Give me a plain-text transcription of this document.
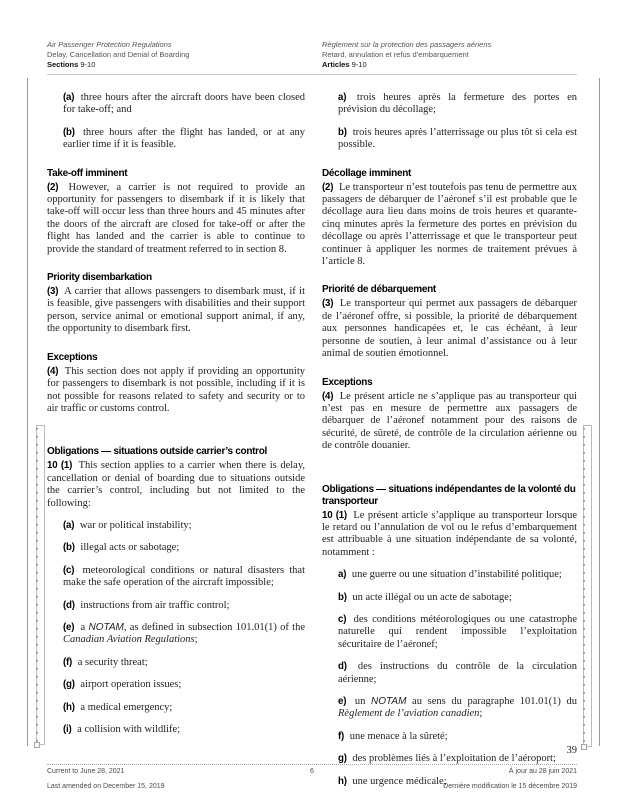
Air Passenger Protection Regulations
Delay, Cancellation and Denial of Boarding
Sections 9-10
Règlement sur la protection des passagers aériens
Retard, annulation et refus d’embarquement
Articles 9-10
(a) three hours after the aircraft doors have been closed for take-off; and
(b) three hours after the flight has landed, or at any earlier time if it is feasible.
Take-off imminent
(2) However, a carrier is not required to provide an opportunity for passengers to disembark if it is likely that take-off will occur less than three hours and 45 minutes after the doors of the aircraft are closed for take-off or after the flight has landed and the carrier is able to continue to provide the standard of treatment referred to in section 8.
Priority disembarkation
(3) A carrier that allows passengers to disembark must, if it is feasible, give passengers with disabilities and their support person, service animal or emotional support animal, if any, the opportunity to disembark first.
Exceptions
(4) This section does not apply if providing an opportunity for passengers to disembark is not possible, including if it is not possible for reasons related to safety and security or to air traffic or customs control.
Obligations — situations outside carrier’s control
10 (1) This section applies to a carrier when there is delay, cancellation or denial of boarding due to situations outside the carrier’s control, including but not limited to the following:
(a) war or political instability;
(b) illegal acts or sabotage;
(c) meteorological conditions or natural disasters that make the safe operation of the aircraft impossible;
(d) instructions from air traffic control;
(e) a NOTAM, as defined in subsection 101.01(1) of the Canadian Aviation Regulations;
(f) a security threat;
(g) airport operation issues;
(h) a medical emergency;
(i) a collision with wildlife;
a) trois heures après la fermeture des portes en prévision du décollage;
b) trois heures après l’atterrissage ou plus tôt si cela est possible.
Décollage imminent
(2) Le transporteur n’est toutefois pas tenu de permettre aux passagers de débarquer de l’aéronef s’il est probable que le décollage aura lieu dans moins de trois heures et quarante-cinq minutes après la fermeture des portes en prévision du décollage ou après l’atterrissage et que le transporteur peut continuer à appliquer les normes de traitement prévues à l’article 8.
Priorité de débarquement
(3) Le transporteur qui permet aux passagers de débarquer de l’aéronef offre, si possible, la priorité de débarquement aux personnes handicapées et, le cas échéant, à leur personne de soutien, à leur animal d’assistance ou à leur animal de soutien émotionnel.
Exceptions
(4) Le présent article ne s’applique pas au transporteur qui n’est pas en mesure de permettre aux passagers de débarquer de l’aéronef notamment pour des raisons de sécurité, de sûreté, de contrôle de la circulation aérienne ou de contrôle douanier.
Obligations — situations indépendantes de la volonté du transporteur
10 (1) Le présent article s’applique au transporteur lorsque le retard ou l’annulation de vol ou le refus d’embarquement est attribuable à une situation indépendante de sa volonté, notamment :
a) une guerre ou une situation d’instabilité politique;
b) un acte illégal ou un acte de sabotage;
c) des conditions météorologiques ou une catastrophe naturelle qui rendent impossible l’exploitation sécuritaire de l’aéronef;
d) des instructions du contrôle de la circulation aérienne;
e) un NOTAM au sens du paragraphe 101.01(1) du Règlement de l’aviation canadien;
f) une menace à la sûreté;
g) des problèmes liés à l’exploitation de l’aéroport;
h) une urgence médicale;
39
Current to June 28, 2021	6	À jour au 28 juin 2021
Last amended on December 15, 2019	Dernière modification le 15 décembre 2019
